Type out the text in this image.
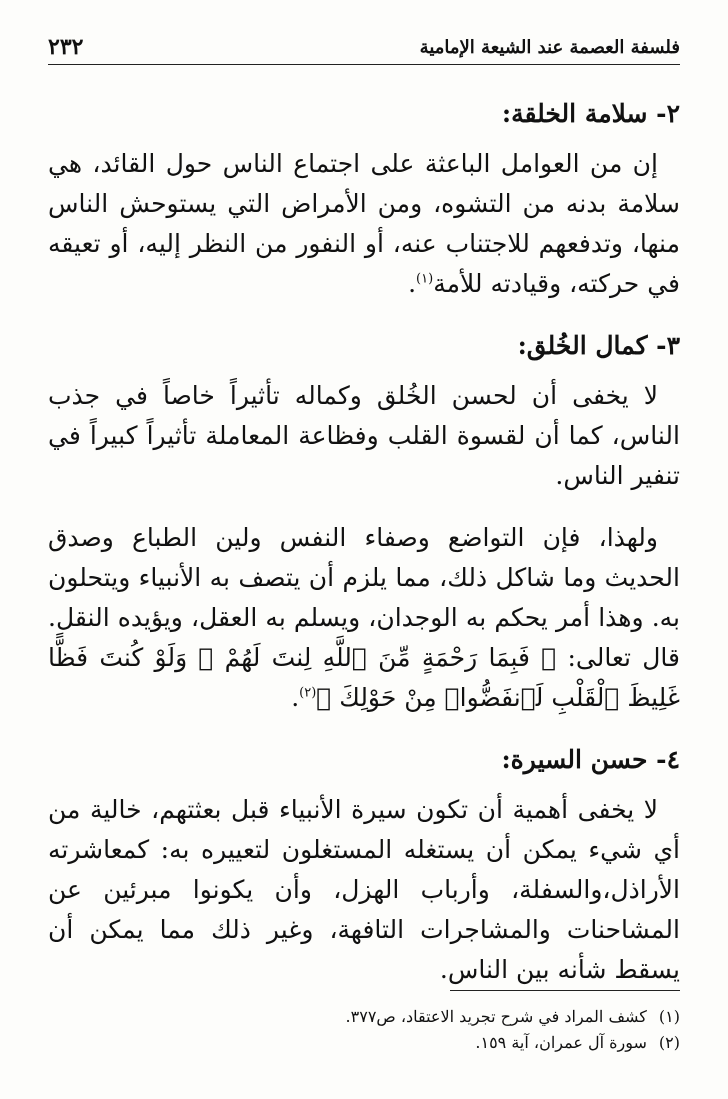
٢٣٢	فلسفة العصمة عند الشيعة الإمامية
٢- سلامة الخلقة:

إن من العوامل الباعثة على اجتماع الناس حول القائد، هي سلامة بدنه من التشوه، ومن الأمراض التي يستوحش الناس منها، وتدفعهم للاجتناب عنه، أو النفور من النظر إليه، أو تعيقه في حركته، وقيادته للأمة$^{(١)}$.

٣- كمال الخُلق:

لا يخفى أن لحسن الخُلق وكماله تأثيراً خاصاً في جذب الناس، كما أن لقسوة القلب وفظاعة المعاملة تأثيراً كبيراً في تنفير الناس.

ولهذا، فإن التواضع وصفاء النفس ولين الطباع وصدق الحديث وما شاكل ذلك، مما يلزم أن يتصف به الأنبياء ويتحلون به. وهذا أمر يحكم به الوجدان، ويسلم به العقل، ويؤيده النقل. قال تعالى: ﴿ فَبِمَا رَحْمَةٍ مِّنَ ٱللَّهِ لِنتَ لَهُمْ ۖ وَلَوْ كُنتَ فَظًّا غَلِيظَ ٱلْقَلْبِ لَٱنفَضُّوا۟ مِنْ حَوْلِكَ ﴾$^{(٢)}$.

٤- حسن السيرة:

لا يخفى أهمية أن تكون سيرة الأنبياء قبل بعثتهم، خالية من أي شيء يمكن أن يستغله المستغلون لتعييره به: كمعاشرته الأراذل،والسفلة، وأرباب الهزل، وأن يكونوا مبرئين عن المشاحنات والمشاجرات التافهة، وغير ذلك مما يمكن أن يسقط شأنه بين الناس.

(١)
كشف المراد في شرح تجريد الاعتقاد، ص٣٧٧.
(٢)
سورة آل عمران، آية ١٥٩.
